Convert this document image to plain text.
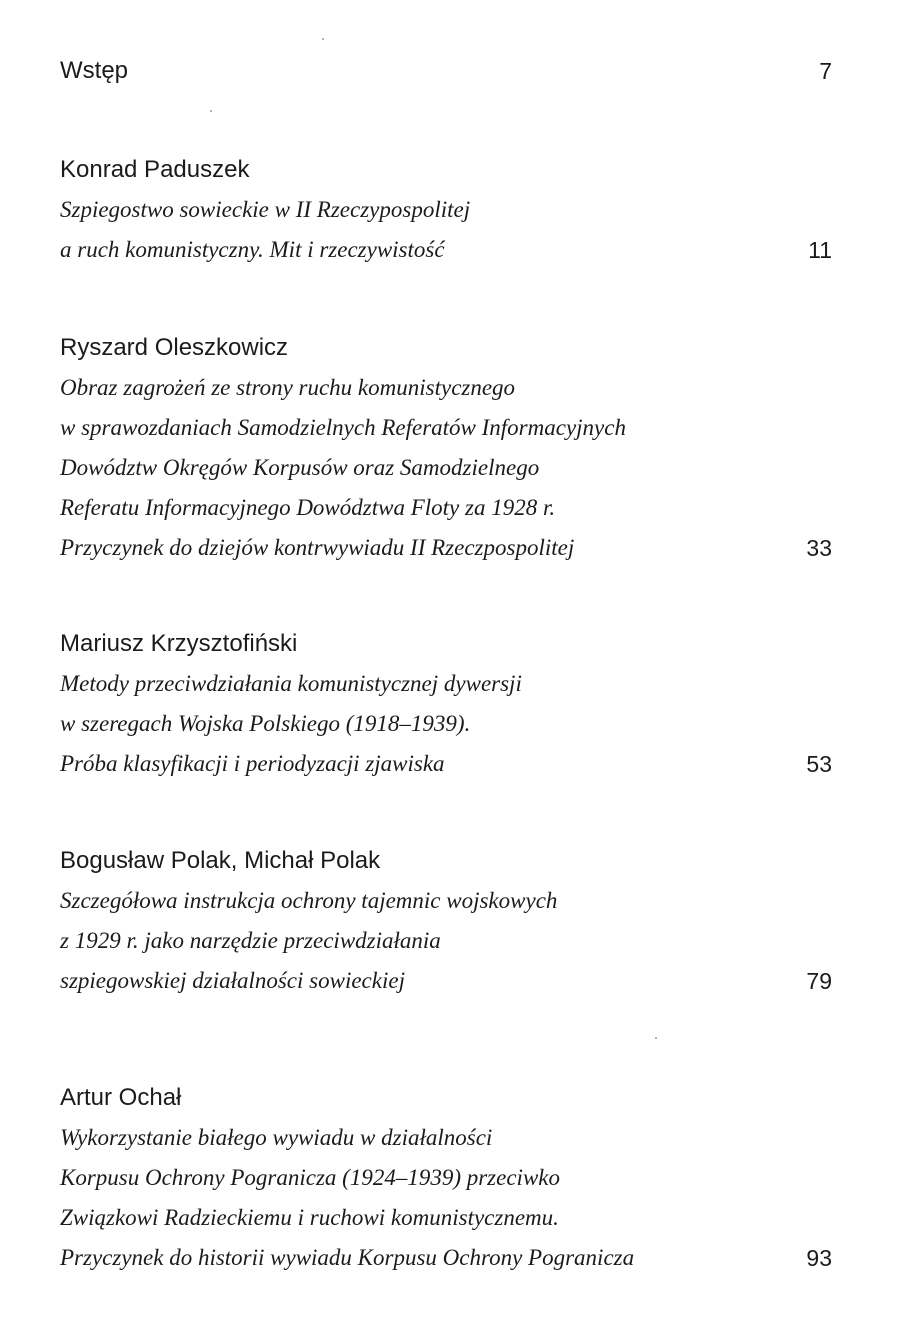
Wstęp	7
Konrad Paduszek
Szpiegostwo sowieckie w II Rzeczypospolitej
a ruch komunistyczny. Mit i rzeczywistość	11
Ryszard Oleszkowicz
Obraz zagrożeń ze strony ruchu komunistycznego
w sprawozdaniach Samodzielnych Referatów Informacyjnych
Dowództw Okręgów Korpusów oraz Samodzielnego
Referatu Informacyjnego Dowództwa Floty za 1928 r.
Przyczynek do dziejów kontrwywiadu II Rzeczpospolitej	33
Mariusz Krzysztofiński
Metody przeciwdziałania komunistycznej dywersji
w szeregach Wojska Polskiego (1918–1939).
Próba klasyfikacji i periodyzacji zjawiska	53
Bogusław Polak, Michał Polak
Szczegółowa instrukcja ochrony tajemnic wojskowych
z 1929 r. jako narzędzie przeciwdziałania
szpiegowskiej działalności sowieckiej	79
Artur Ochał
Wykorzystanie białego wywiadu w działalności
Korpusu Ochrony Pogranicza (1924–1939) przeciwko
Związkowi Radzieckiemu i ruchowi komunistycznemu.
Przyczynek do historii wywiadu Korpusu Ochrony Pogranicza	93
